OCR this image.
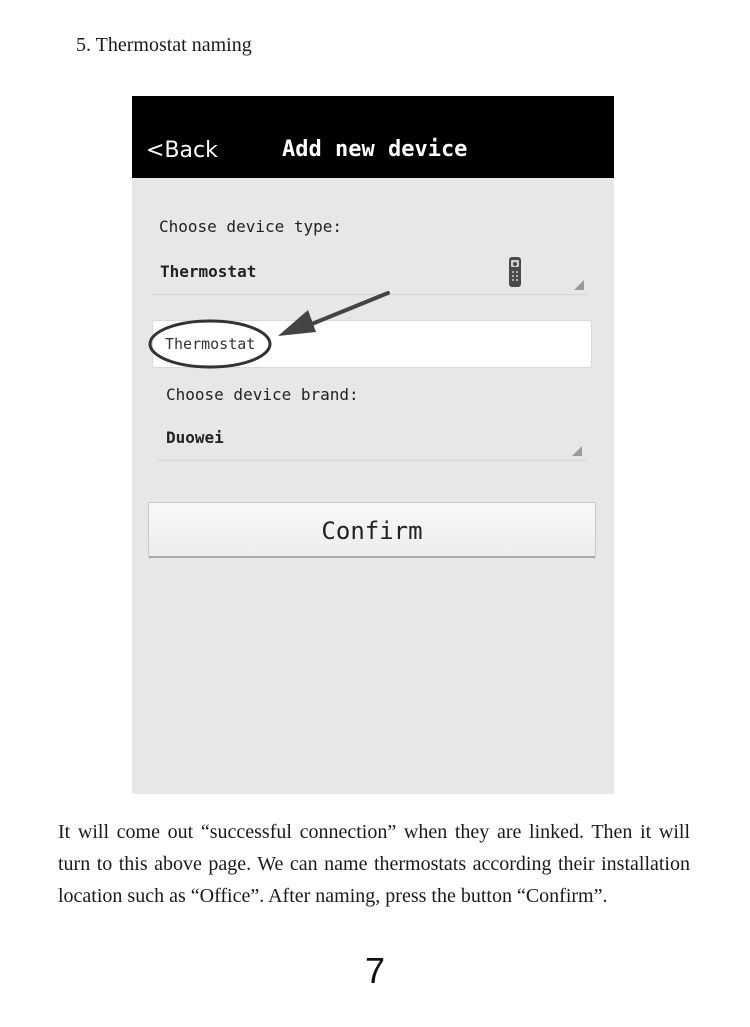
5. Thermostat naming
<Back	Add new device
Choose device type:
Thermostat
Thermostat
Choose device brand:
Duowei
Confirm

It will come out “successful connection” when they are linked. Then it will turn to this above page. We can name thermostats according their installation location such as “Office”. After naming, press the button “Confirm”.

7
